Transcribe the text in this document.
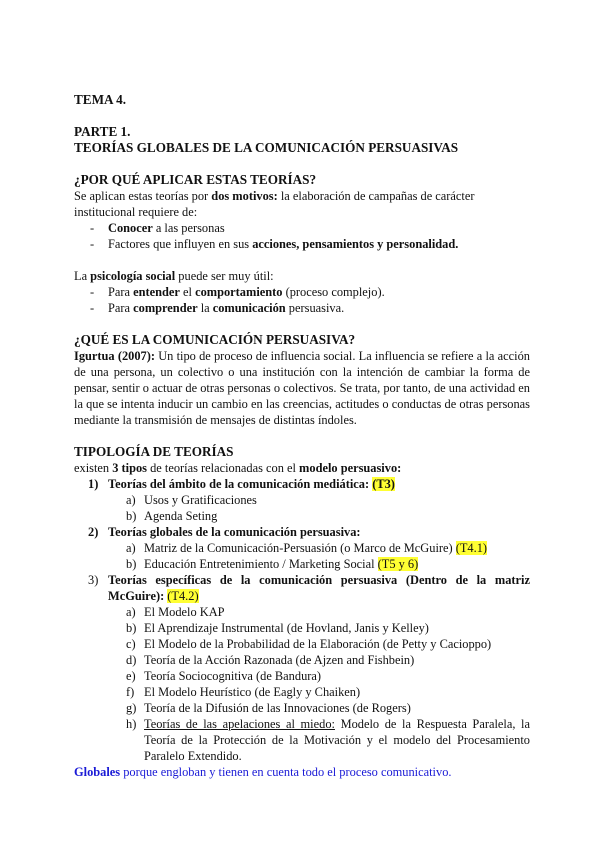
TEMA 4.

PARTE 1.

TEORÍAS GLOBALES DE LA COMUNICACIÓN PERSUASIVAS

¿POR QUÉ APLICAR ESTAS TEORÍAS?

Se aplican estas teorías por dos motivos: la elaboración de campañas de carácter institucional requiere de:

- Conocer a las personas
- Factores que influyen en sus acciones, pensamientos y personalidad.

La psicología social puede ser muy útil:

- Para entender el comportamiento (proceso complejo).
- Para comprender la comunicación persuasiva.

¿QUÉ ES LA COMUNICACIÓN PERSUASIVA?

Igurtua (2007): Un tipo de proceso de influencia social. La influencia se refiere a la acción de una persona, un colectivo o una institución con la intención de cambiar la forma de pensar, sentir o actuar de otras personas o colectivos. Se trata, por tanto, de una actividad en la que se intenta inducir un cambio en las creencias, actitudes o conductas de otras personas mediante la transmisión de mensajes de distintas índoles.

TIPOLOGÍA DE TEORÍAS

existen 3 tipos de teorías relacionadas con el modelo persuasivo:

1) Teorías del ámbito de la comunicación mediática: (T3)
a) Usos y Gratificaciones
b) Agenda Seting
2) Teorías globales de la comunicación persuasiva:
a) Matriz de la Comunicación-Persuasión (o Marco de McGuire) (T4.1)
b) Educación Entretenimiento / Marketing Social (T5 y 6)
3) Teorías específicas de la comunicación persuasiva (Dentro de la matriz McGuire): (T4.2)
a) El Modelo KAP
b) El Aprendizaje Instrumental (de Hovland, Janis y Kelley)
c) El Modelo de la Probabilidad de la Elaboración (de Petty y Cacioppo)
d) Teoría de la Acción Razonada (de Ajzen and Fishbein)
e) Teoría Sociocognitiva (de Bandura)
f) El Modelo Heurístico (de Eagly y Chaiken)
g) Teoría de la Difusión de las Innovaciones (de Rogers)
h) Teorías de las apelaciones al miedo: Modelo de la Respuesta Paralela, la Teoría de la Protección de la Motivación y el modelo del Procesamiento Paralelo Extendido.

Globales porque engloban y tienen en cuenta todo el proceso comunicativo.
